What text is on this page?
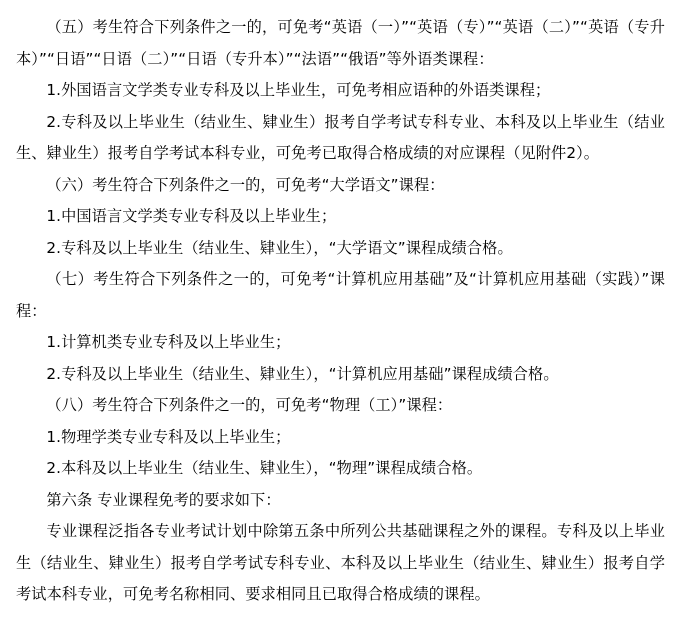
（五）考生符合下列条件之一的，可免考“英语（一）”“英语（专）”“英语（二）”“英语（专升本）”“日语”“日语（二）”“日语（专升本）”“法语”“俄语”等外语类课程：

1.外国语言文学类专业专科及以上毕业生，可免考相应语种的外语类课程；

2.专科及以上毕业生（结业生、肄业生）报考自学考试专科专业、本科及以上毕业生（结业生、肄业生）报考自学考试本科专业，可免考已取得合格成绩的对应课程（见附件2）。

（六）考生符合下列条件之一的，可免考“大学语文”课程：

1.中国语言文学类专业专科及以上毕业生；

2.专科及以上毕业生（结业生、肄业生），“大学语文”课程成绩合格。

（七）考生符合下列条件之一的，可免考“计算机应用基础”及“计算机应用基础（实践）”课程：

1.计算机类专业专科及以上毕业生；

2.专科及以上毕业生（结业生、肄业生），“计算机应用基础”课程成绩合格。

（八）考生符合下列条件之一的，可免考“物理（工）”课程：

1.物理学类专业专科及以上毕业生；

2.本科及以上毕业生（结业生、肄业生），“物理”课程成绩合格。

第六条 专业课程免考的要求如下：

专业课程泛指各专业考试计划中除第五条中所列公共基础课程之外的课程。专科及以上毕业生（结业生、肄业生）报考自学考试专科专业、本科及以上毕业生（结业生、肄业生）报考自学考试本科专业，可免考名称相同、要求相同且已取得合格成绩的课程。
